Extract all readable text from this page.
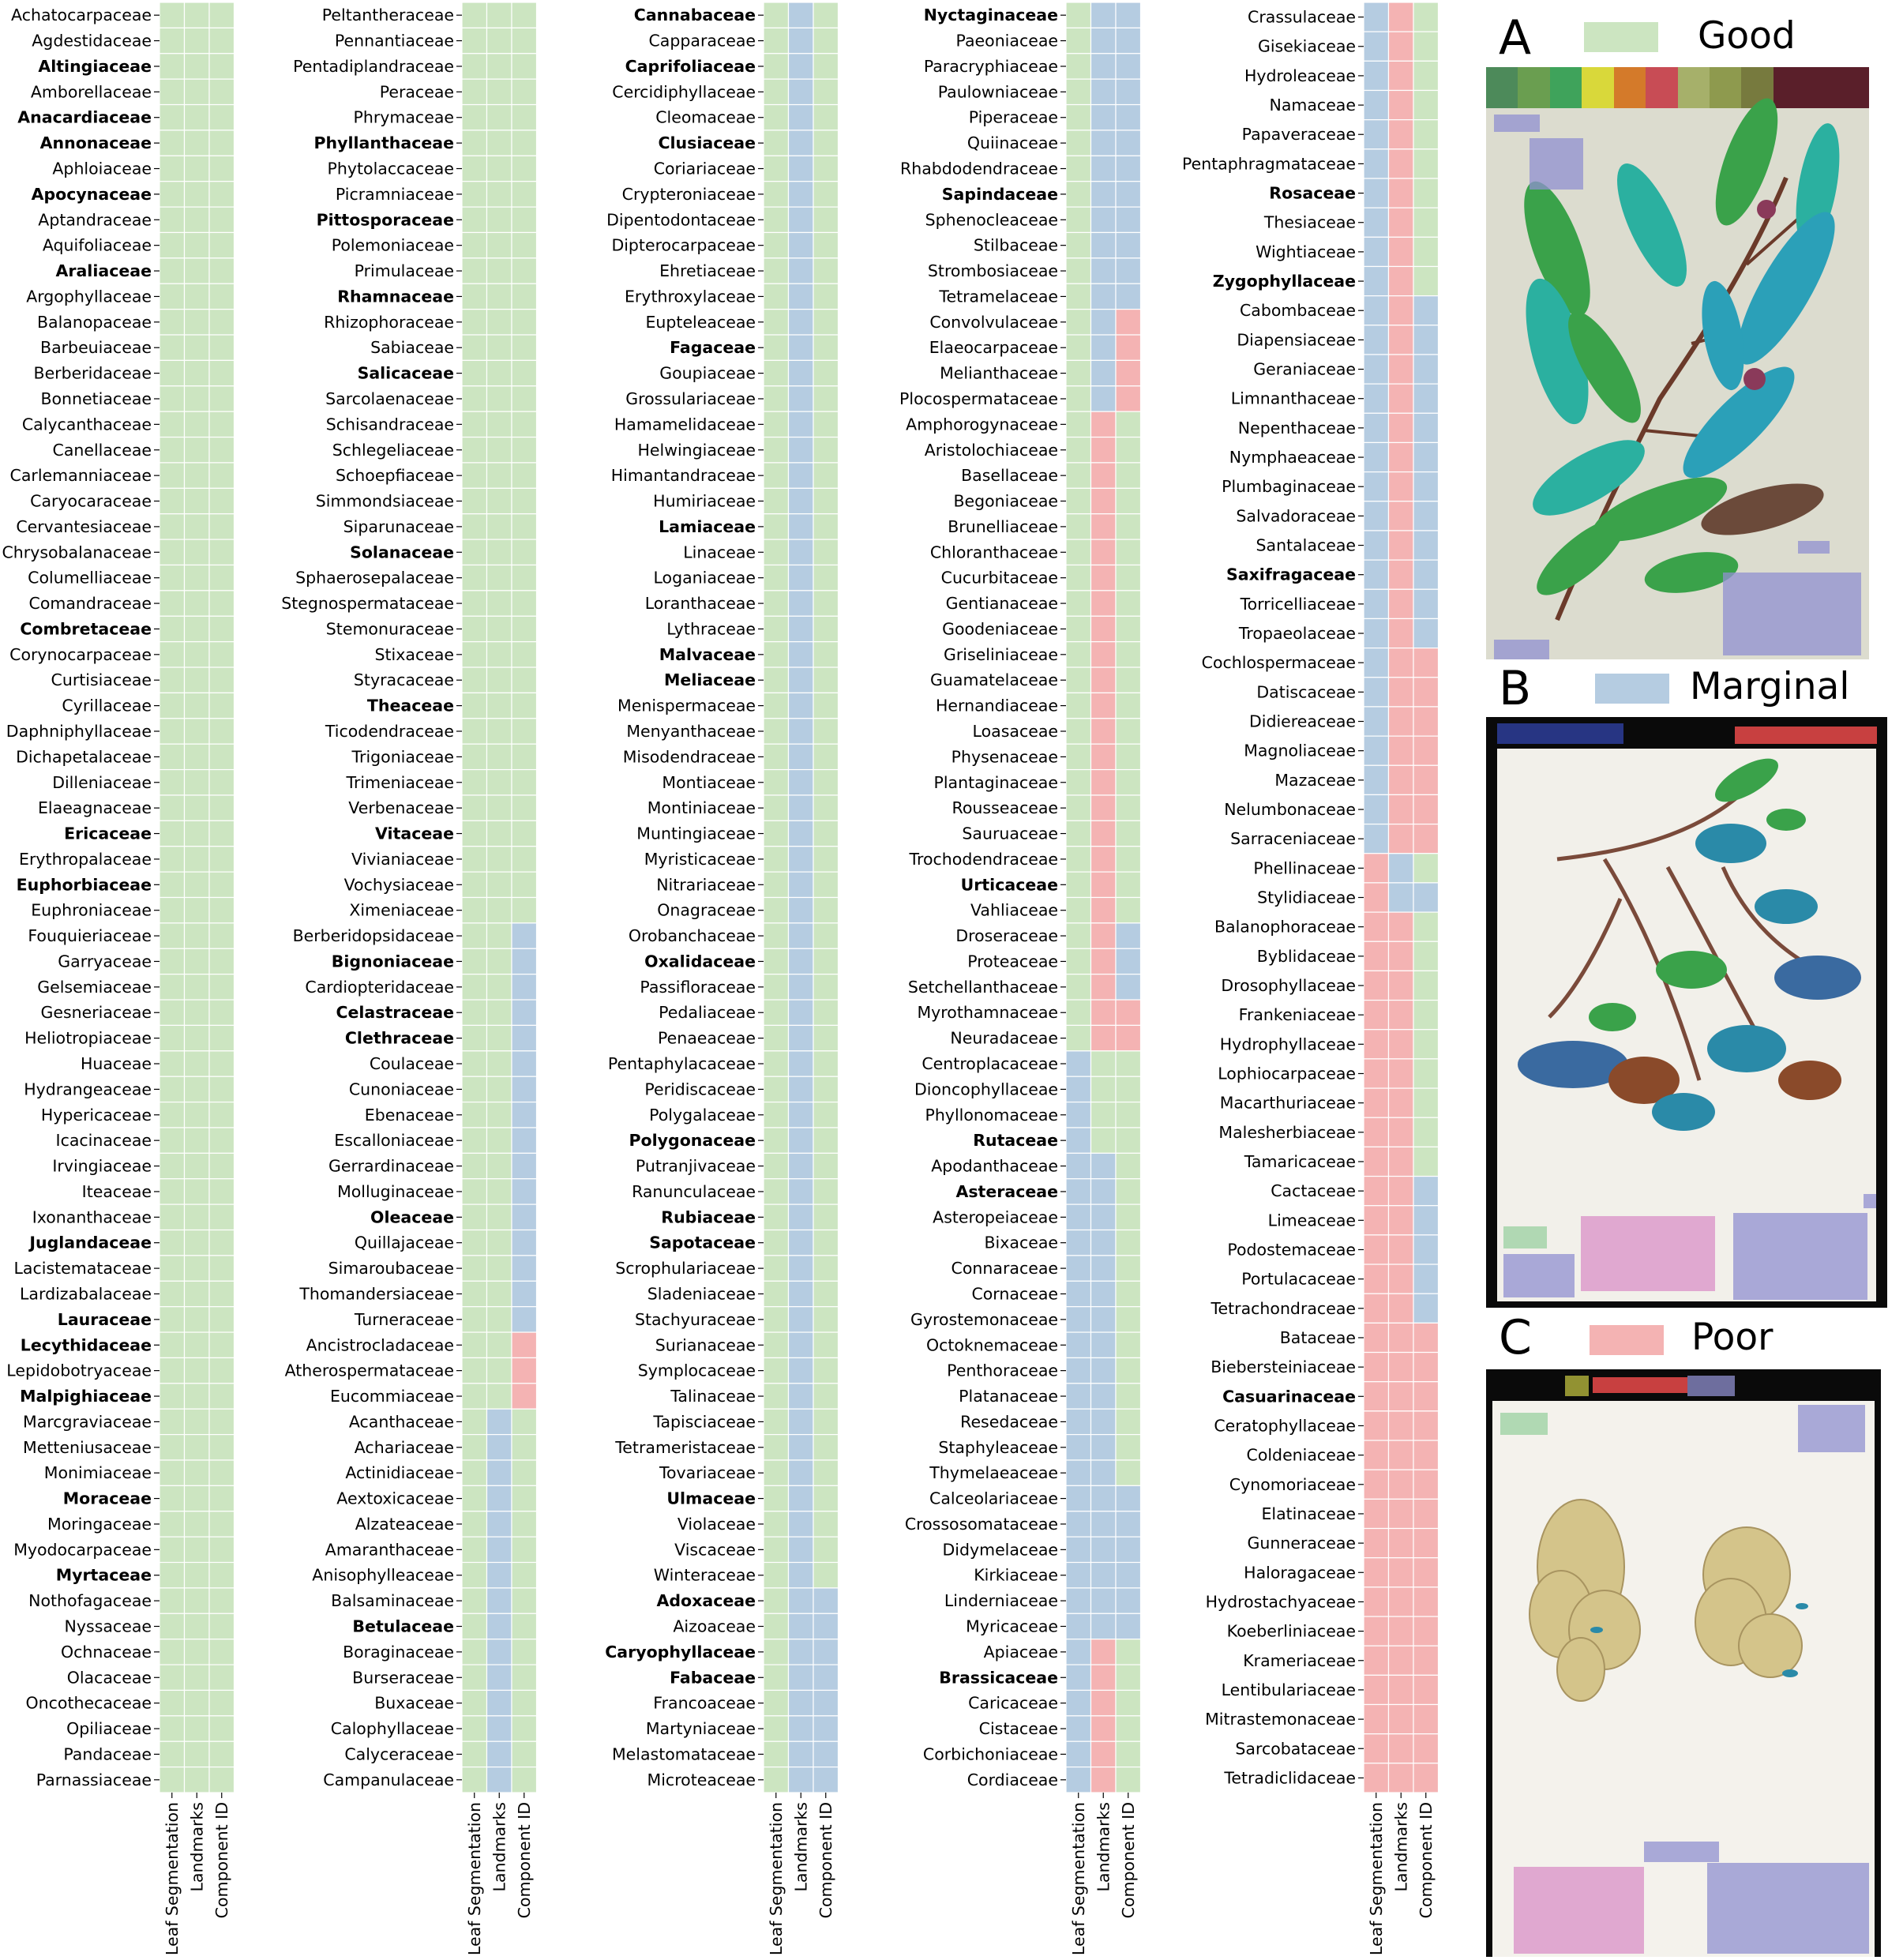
Achatocarpaceae
Agdestidaceae
Altingiaceae
Amborellaceae
Anacardiaceae
Annonaceae
Aphloiaceae
Apocynaceae
Aptandraceae
Aquifoliaceae
Araliaceae
Argophyllaceae
Balanopaceae
Barbeuiaceae
Berberidaceae
Bonnetiaceae
Calycanthaceae
Canellaceae
Carlemanniaceae
Caryocaraceae
Cervantesiaceae
Chrysobalanaceae
Columelliaceae
Comandraceae
Combretaceae
Corynocarpaceae
Curtisiaceae
Cyrillaceae
Daphniphyllaceae
Dichapetalaceae
Dilleniaceae
Elaeagnaceae
Ericaceae
Erythropalaceae
Euphorbiaceae
Euphroniaceae
Fouquieriaceae
Garryaceae
Gelsemiaceae
Gesneriaceae
Heliotropiaceae
Huaceae
Hydrangeaceae
Hypericaceae
Icacinaceae
Irvingiaceae
Iteaceae
Ixonanthaceae
Juglandaceae
Lacistemataceae
Lardizabalaceae
Lauraceae
Lecythidaceae
Lepidobotryaceae
Malpighiaceae
Marcgraviaceae
Metteniusaceae
Monimiaceae
Moraceae
Moringaceae
Myodocarpaceae
Myrtaceae
Nothofagaceae
Nyssaceae
Ochnaceae
Olacaceae
Oncothecaceae
Opiliaceae
Pandaceae
Parnassiaceae
Leaf Segmentation Landmarks Component ID
Peltantheraceae
Pennantiaceae
Pentadiplandraceae
Peraceae
Phrymaceae
Phyllanthaceae
Phytolaccaceae
Picramniaceae
Pittosporaceae
Polemoniaceae
Primulaceae
Rhamnaceae
Rhizophoraceae
Sabiaceae
Salicaceae
Sarcolaenaceae
Schisandraceae
Schlegeliaceae
Schoepfiaceae
Simmondsiaceae
Siparunaceae
Solanaceae
Sphaerosepalaceae
Stegnospermataceae
Stemonuraceae
Stixaceae
Styracaceae
Theaceae
Ticodendraceae
Trigoniaceae
Trimeniaceae
Verbenaceae
Vitaceae
Vivianiaceae
Vochysiaceae
Ximeniaceae
Berberidopsidaceae
Bignoniaceae
Cardiopteridaceae
Celastraceae
Clethraceae
Coulaceae
Cunoniaceae
Ebenaceae
Escalloniaceae
Gerrardinaceae
Molluginaceae
Oleaceae
Quillajaceae
Simaroubaceae
Thomandersiaceae
Turneraceae
Ancistrocladaceae
Atherospermataceae
Eucommiaceae
Acanthaceae
Achariaceae
Actinidiaceae
Aextoxicaceae
Alzateaceae
Amaranthaceae
Anisophylleaceae
Balsaminaceae
Betulaceae
Boraginaceae
Burseraceae
Buxaceae
Calophyllaceae
Calyceraceae
Campanulaceae
Leaf Segmentation Landmarks Component ID
Cannabaceae
Capparaceae
Caprifoliaceae
Cercidiphyllaceae
Cleomaceae
Clusiaceae
Coriariaceae
Crypteroniaceae
Dipentodontaceae
Dipterocarpaceae
Ehretiaceae
Erythroxylaceae
Eupteleaceae
Fagaceae
Goupiaceae
Grossulariaceae
Hamamelidaceae
Helwingiaceae
Himantandraceae
Humiriaceae
Lamiaceae
Linaceae
Loganiaceae
Loranthaceae
Lythraceae
Malvaceae
Meliaceae
Menispermaceae
Menyanthaceae
Misodendraceae
Montiaceae
Montiniaceae
Muntingiaceae
Myristicaceae
Nitrariaceae
Onagraceae
Orobanchaceae
Oxalidaceae
Passifloraceae
Pedaliaceae
Penaeaceae
Pentaphylacaceae
Peridiscaceae
Polygalaceae
Polygonaceae
Putranjivaceae
Ranunculaceae
Rubiaceae
Sapotaceae
Scrophulariaceae
Sladeniaceae
Stachyuraceae
Surianaceae
Symplocaceae
Talinaceae
Tapisciaceae
Tetrameristaceae
Tovariaceae
Ulmaceae
Violaceae
Viscaceae
Winteraceae
Adoxaceae
Aizoaceae
Caryophyllaceae
Fabaceae
Francoaceae
Martyniaceae
Melastomataceae
Microteaceae
Leaf Segmentation Landmarks Component ID
Nyctaginaceae
Paeoniaceae
Paracryphiaceae
Paulowniaceae
Piperaceae
Quiinaceae
Rhabdodendraceae
Sapindaceae
Sphenocleaceae
Stilbaceae
Strombosiaceae
Tetramelaceae
Convolvulaceae
Elaeocarpaceae
Melianthaceae
Plocospermataceae
Amphorogynaceae
Aristolochiaceae
Basellaceae
Begoniaceae
Brunelliaceae
Chloranthaceae
Cucurbitaceae
Gentianaceae
Goodeniaceae
Griseliniaceae
Guamatelaceae
Hernandiaceae
Loasaceae
Physenaceae
Plantaginaceae
Rousseaceae
Sauruaceae
Trochodendraceae
Urticaceae
Vahliaceae
Droseraceae
Proteaceae
Setchellanthaceae
Myrothamnaceae
Neuradaceae
Centroplacaceae
Dioncophyllaceae
Phyllonomaceae
Rutaceae
Apodanthaceae
Asteraceae
Asteropeiaceae
Bixaceae
Connaraceae
Cornaceae
Gyrostemonaceae
Octoknemaceae
Penthoraceae
Platanaceae
Resedaceae
Staphyleaceae
Thymelaeaceae
Calceolariaceae
Crossosomataceae
Didymelaceae
Kirkiaceae
Linderniaceae
Myricaceae
Apiaceae
Brassicaceae
Caricaceae
Cistaceae
Corbichoniaceae
Cordiaceae
Leaf Segmentation Landmarks Component ID
Crassulaceae
Gisekiaceae
Hydroleaceae
Namaceae
Papaveraceae
Pentaphragmataceae
Rosaceae
Thesiaceae
Wightiaceae
Zygophyllaceae
Cabombaceae
Diapensiaceae
Geraniaceae
Limnanthaceae
Nepenthaceae
Nymphaeaceae
Plumbaginaceae
Salvadoraceae
Santalaceae
Saxifragaceae
Torricelliaceae
Tropaeolaceae
Cochlospermaceae
Datiscaceae
Didiereaceae
Magnoliaceae
Mazaceae
Nelumbonaceae
Sarraceniaceae
Phellinaceae
Stylidiaceae
Balanophoraceae
Byblidaceae
Drosophyllaceae
Frankeniaceae
Hydrophyllaceae
Lophiocarpaceae
Macarthuriaceae
Malesherbiaceae
Tamaricaceae
Cactaceae
Limeaceae
Podostemaceae
Portulacaceae
Tetrachondraceae
Bataceae
Biebersteiniaceae
Casuarinaceae
Ceratophyllaceae
Coldeniaceae
Cynomoriaceae
Elatinaceae
Gunneraceae
Haloragaceae
Hydrostachyaceae
Koeberliniaceae
Krameriaceae
Lentibulariaceae
Mitrastemonaceae
Sarcobataceae
Tetradiclidaceae
Leaf Segmentation Landmarks Component ID
A	Good
B	Marginal
C	Poor
